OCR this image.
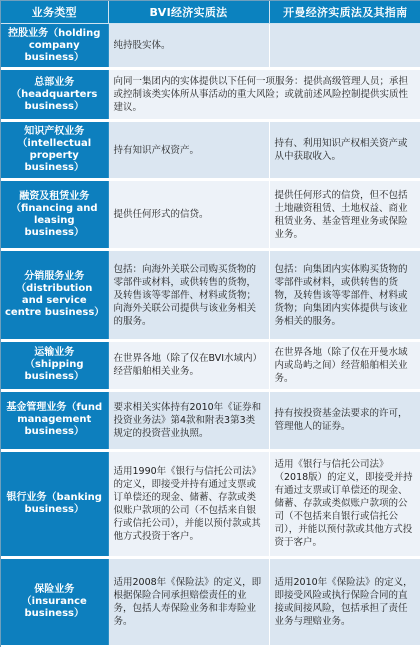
业务类型	BVI经济实质法	开曼经济实质法及其指南
控股业务（holding company business）	纯持股实体。	
总部业务（headquarters business）	向同一集团内的实体提供以下任何一项服务：提供高级管理人员；承担或控制该类实体所从事活动的重大风险；或就前述风险控制提供实质性建议。	
知识产权业务（intellectual property business）	持有知识产权资产。	持有、利用知识产权相关资产或从中获取收入。
融资及租赁业务（financing and leasing business）	提供任何形式的信贷。	提供任何形式的信贷，但不包括土地融资租赁、土地权益、商业租赁业务、基金管理业务或保险业务。
分销服务业务（distribution and service centre business）	包括：向海外关联公司购买货物的零部件或材料，或供转售的货物，及转售该等零部件、材料或货物；向海外关联公司提供与该业务相关的服务。	包括：向集团内实体购买货物的零部件或材料，或供转售的货物，及转售该等零部件、材料或货物；向集团内实体提供与该业务相关的服务。
运输业务（shipping business）	在世界各地（除了仅在BVI水域内）经营船舶相关业务。	在世界各地（除了仅在开曼水域内或岛屿之间）经营船舶相关业务。
基金管理业务（fund management business）	要求相关实体持有2010年《证券和投资业务法》第4款和附表3第3类规定的投资营业执照。	持有按投资基金法要求的许可，管理他人的证券。
银行业务（banking business）	适用1990年《银行与信托公司法》的定义，即接受并持有通过支票或订单偿还的现金、储蓄、存款或类似账户款项的公司（不包括来自银行或信托公司），并能以预付款或其他方式投资于客户。	适用《银行与信托公司法》（2018版）的定义，即接受并持有通过支票或订单偿还的现金、储蓄、存款或类似账户款项的公司（不包括来自银行或信托公司），并能以预付款或其他方式投资于客户。
保险业务（insurance business）	适用2008年《保险法》的定义，即根据保险合同承担赔偿责任的业务，包括人寿保险业务和非寿险业务。	适用2010年《保险法》的定义，即接受风险或执行保险合同的直接或间接风险，包括承担了责任业务与理赔业务。
